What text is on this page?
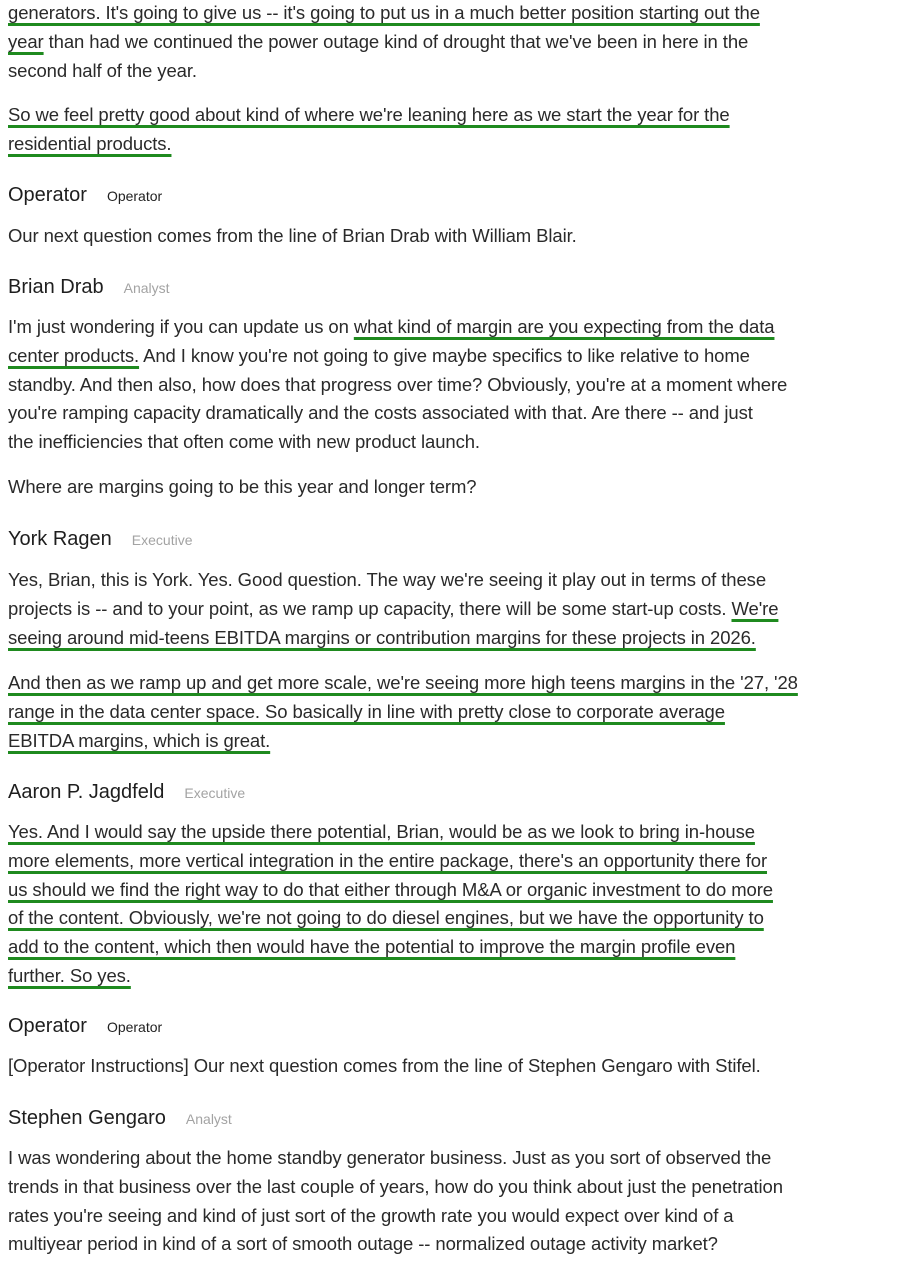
generators. It's going to give us -- it's going to put us in a much better position starting out the
year than had we continued the power outage kind of drought that we've been in here in the
second half of the year.

So we feel pretty good about kind of where we're leaning here as we start the year for the
residential products.

Operator Operator

Our next question comes from the line of Brian Drab with William Blair.

Brian Drab Analyst

I'm just wondering if you can update us on what kind of margin are you expecting from the data
center products. And I know you're not going to give maybe specifics to like relative to home
standby. And then also, how does that progress over time? Obviously, you're at a moment where
you're ramping capacity dramatically and the costs associated with that. Are there -- and just
the inefficiencies that often come with new product launch.

Where are margins going to be this year and longer term?

York Ragen Executive

Yes, Brian, this is York. Yes. Good question. The way we're seeing it play out in terms of these
projects is -- and to your point, as we ramp up capacity, there will be some start-up costs. We're
seeing around mid-teens EBITDA margins or contribution margins for these projects in 2026.

And then as we ramp up and get more scale, we're seeing more high teens margins in the '27, '28
range in the data center space. So basically in line with pretty close to corporate average
EBITDA margins, which is great.

Aaron P. Jagdfeld Executive

Yes. And I would say the upside there potential, Brian, would be as we look to bring in-house
more elements, more vertical integration in the entire package, there's an opportunity there for
us should we find the right way to do that either through M&A or organic investment to do more
of the content. Obviously, we're not going to do diesel engines, but we have the opportunity to
add to the content, which then would have the potential to improve the margin profile even
further. So yes.

Operator Operator

[Operator Instructions] Our next question comes from the line of Stephen Gengaro with Stifel.

Stephen Gengaro Analyst

I was wondering about the home standby generator business. Just as you sort of observed the
trends in that business over the last couple of years, how do you think about just the penetration
rates you're seeing and kind of just sort of the growth rate you would expect over kind of a
multiyear period in kind of a sort of smooth outage -- normalized outage activity market?
